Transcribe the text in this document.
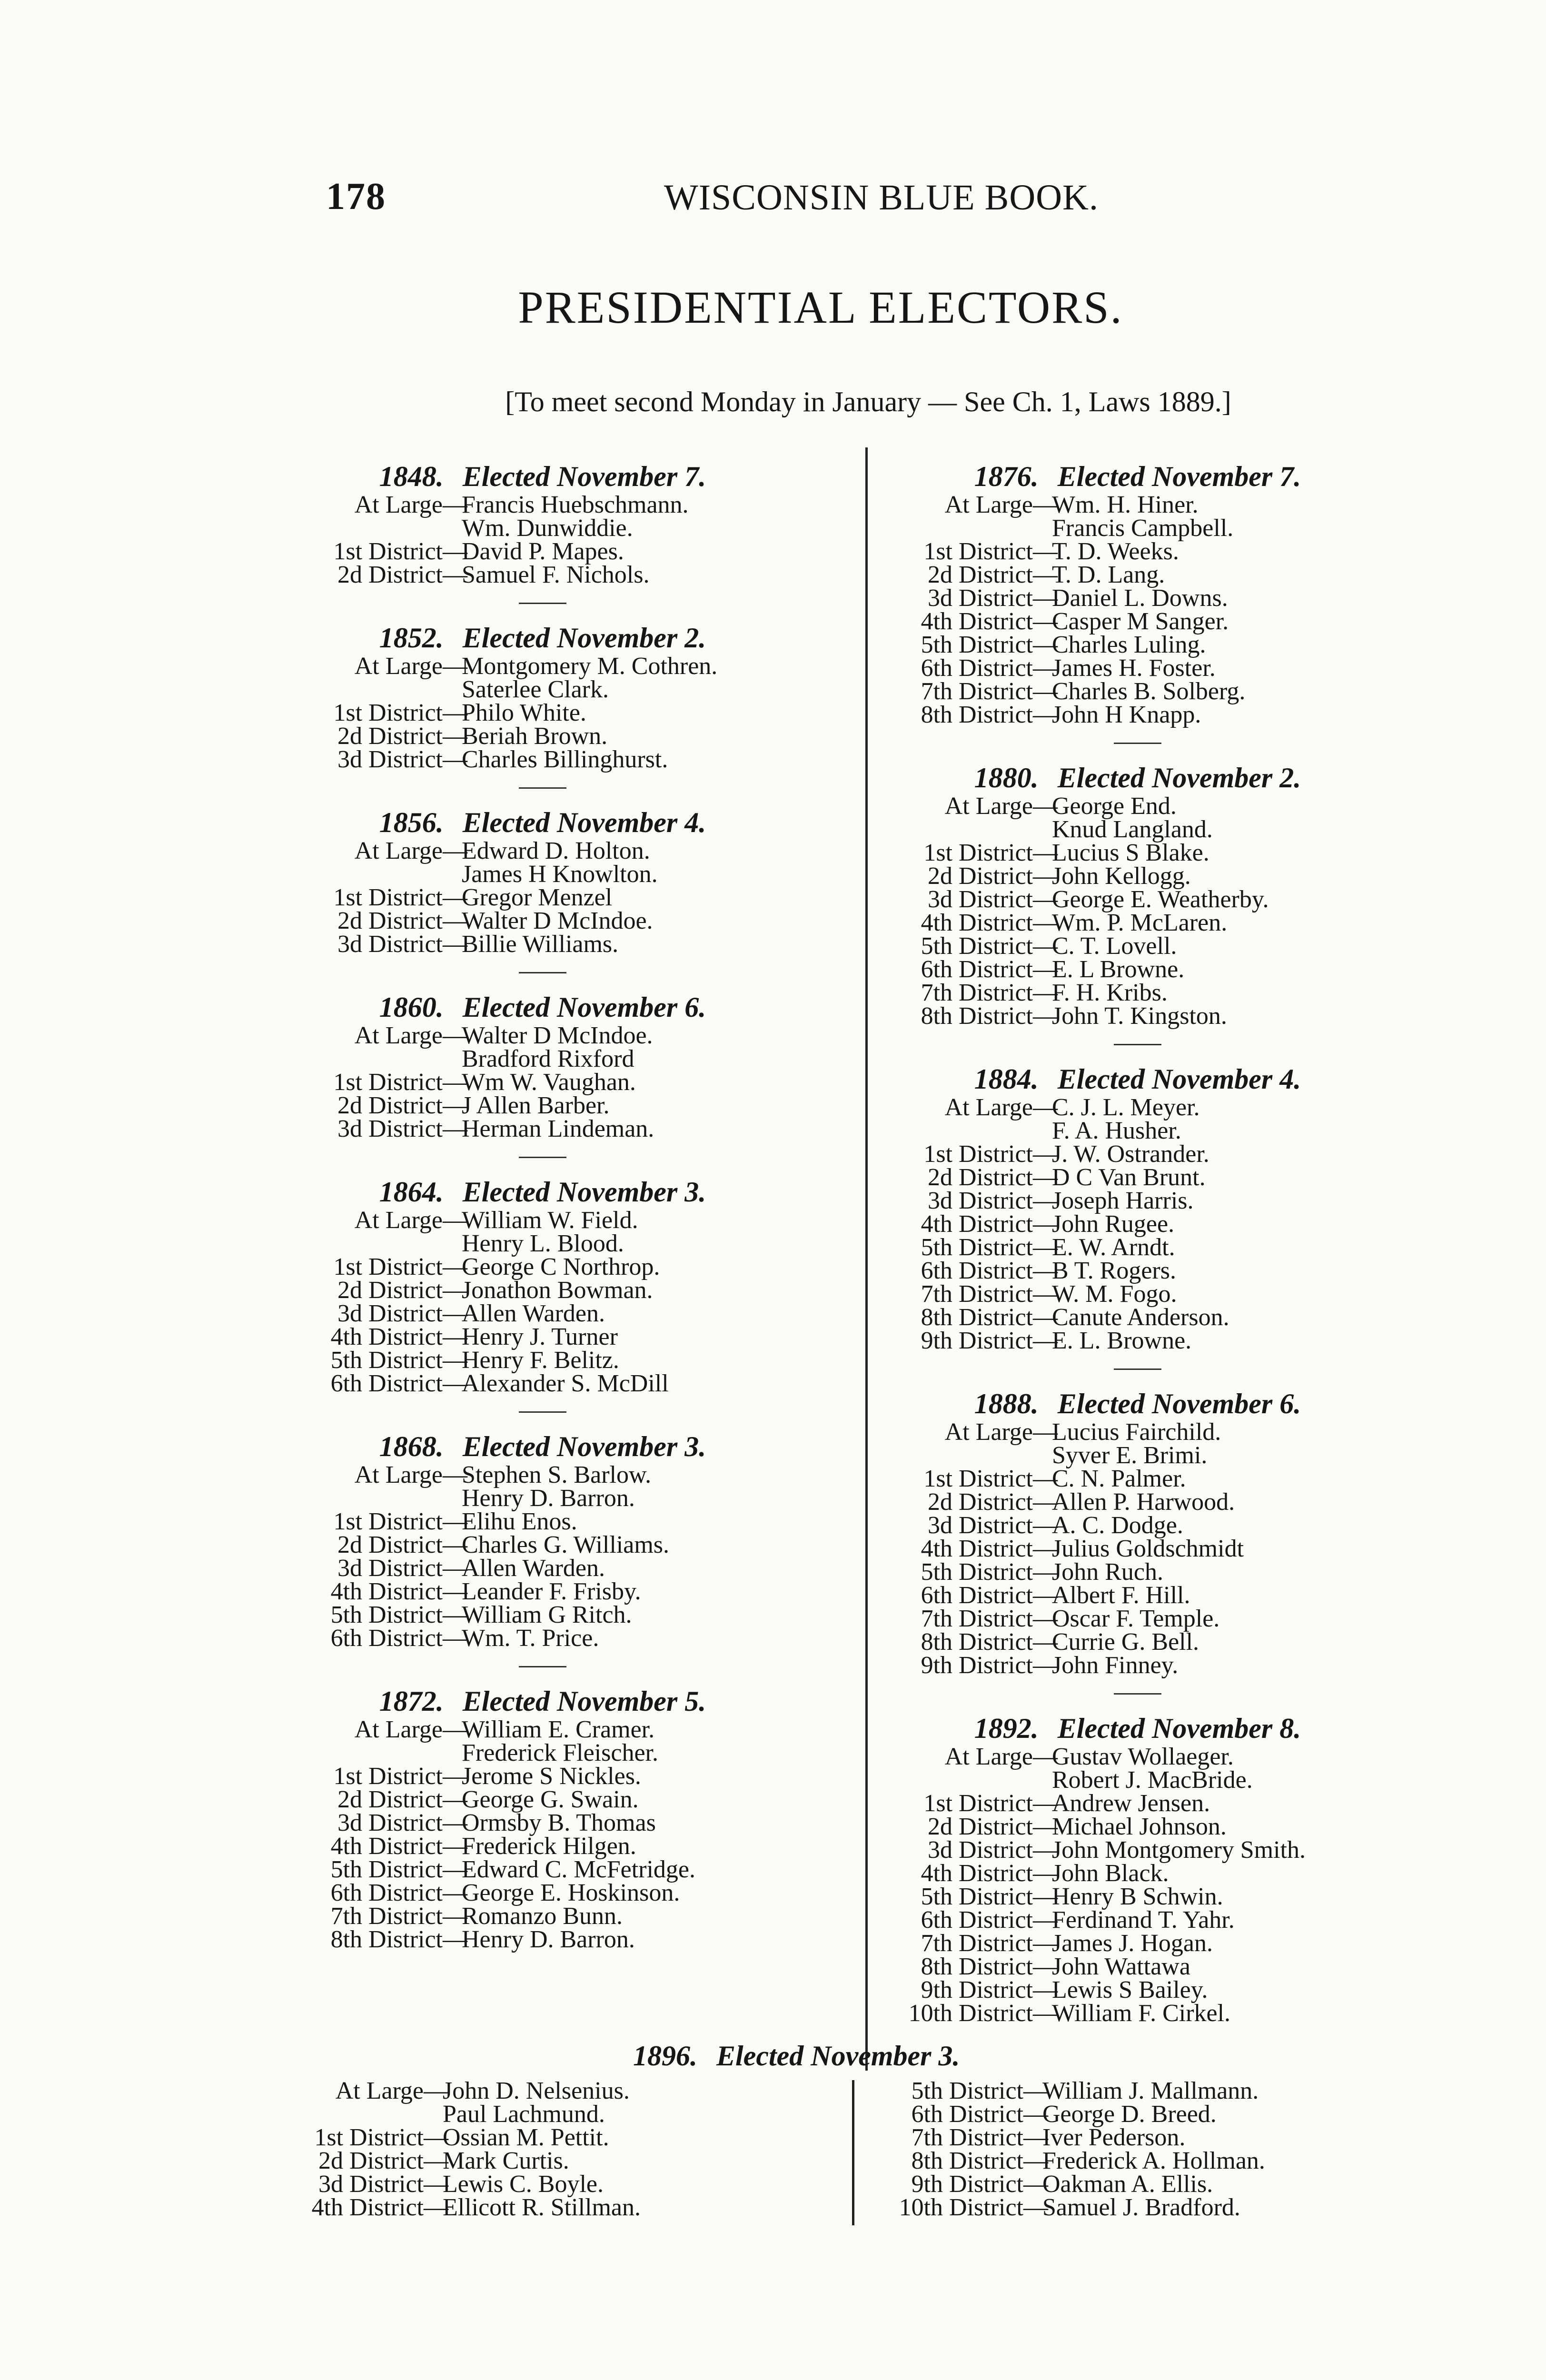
178	WISCONSIN BLUE BOOK.
PRESIDENTIAL ELECTORS.
[To meet second Monday in January — See Ch. 1, Laws 1889.]
1848. Elected November 7.
At Large —
Francis Huebschmann.
Wm. Dunwiddie.
1st District —
David P. Mapes.
2d District —
Samuel F. Nichols.
1852. Elected November 2.
At Large —
Montgomery M. Cothren.
Saterlee Clark.
1st District —
Philo White.
2d District —
Beriah Brown.
3d District —
Charles Billinghurst.
1856. Elected November 4.
At Large —
Edward D. Holton.
James H Knowlton.
1st District —
Gregor Menzel
2d District —
Walter D McIndoe.
3d District —
Billie Williams.
1860. Elected November 6.
At Large —
Walter D McIndoe.
Bradford Rixford
1st District —
Wm W. Vaughan.
2d District —
J Allen Barber.
3d District —
Herman Lindeman.
1864. Elected November 3.
At Large —
William W. Field.
Henry L. Blood.
1st District —
George C Northrop.
2d District —
Jonathon Bowman.
3d District —
Allen Warden.
4th District —
Henry J. Turner
5th District —
Henry F. Belitz.
6th District —
Alexander S. McDill
1868. Elected November 3.
At Large —
Stephen S. Barlow.
Henry D. Barron.
1st District —
Elihu Enos.
2d District —
Charles G. Williams.
3d District —
Allen Warden.
4th District —
Leander F. Frisby.
5th District —
William G Ritch.
6th District —
Wm. T. Price.
1872. Elected November 5.
At Large —
William E. Cramer.
Frederick Fleischer.
1st District —
Jerome S Nickles.
2d District —
George G. Swain.
3d District —
Ormsby B. Thomas
4th District —
Frederick Hilgen.
5th District —
Edward C. McFetridge.
6th District —
George E. Hoskinson.
7th District —
Romanzo Bunn.
8th District —
Henry D. Barron.
1876. Elected November 7.
At Large —
Wm. H. Hiner.
Francis Campbell.
1st District —
T. D. Weeks.
2d District —
T. D. Lang.
3d District —
Daniel L. Downs.
4th District —
Casper M Sanger.
5th District —
Charles Luling.
6th District —
James H. Foster.
7th District —
Charles B. Solberg.
8th District —
John H Knapp.
1880. Elected November 2.
At Large —
George End.
Knud Langland.
1st District —
Lucius S Blake.
2d District —
John Kellogg.
3d District —
George E. Weatherby.
4th District —
Wm. P. McLaren.
5th District —
C. T. Lovell.
6th District —
E. L Browne.
7th District —
F. H. Kribs.
8th District —
John T. Kingston.
1884. Elected November 4.
At Large —
C. J. L. Meyer.
F. A. Husher.
1st District —
J. W. Ostrander.
2d District —
D C Van Brunt.
3d District —
Joseph Harris.
4th District —
John Rugee.
5th District —
E. W. Arndt.
6th District —
B T. Rogers.
7th District —
W. M. Fogo.
8th District —
Canute Anderson.
9th District —
E. L. Browne.
1888. Elected November 6.
At Large —
Lucius Fairchild.
Syver E. Brimi.
1st District —
C. N. Palmer.
2d District —
Allen P. Harwood.
3d District —
A. C. Dodge.
4th District —
Julius Goldschmidt
5th District —
John Ruch.
6th District —
Albert F. Hill.
7th District —
Oscar F. Temple.
8th District —
Currie G. Bell.
9th District —
John Finney.
1892. Elected November 8.
At Large —
Gustav Wollaeger.
Robert J. MacBride.
1st District —
Andrew Jensen.
2d District —
Michael Johnson.
3d District —
John Montgomery Smith.
4th District —
John Black.
5th District —
Henry B Schwin.
6th District —
Ferdinand T. Yahr.
7th District —
James J. Hogan.
8th District —
John Wattawa
9th District —
Lewis S Bailey.
10th District —
William F. Cirkel.
1896. Elected November 3.
At Large —
John D. Nelsenius.
Paul Lachmund.
1st District —
Ossian M. Pettit.
2d District —
Mark Curtis.
3d District —
Lewis C. Boyle.
4th District —
Ellicott R. Stillman.
5th District —
William J. Mallmann.
6th District —
George D. Breed.
7th District —
Iver Pederson.
8th District —
Frederick A. Hollman.
9th District —
Oakman A. Ellis.
10th District —
Samuel J. Bradford.
